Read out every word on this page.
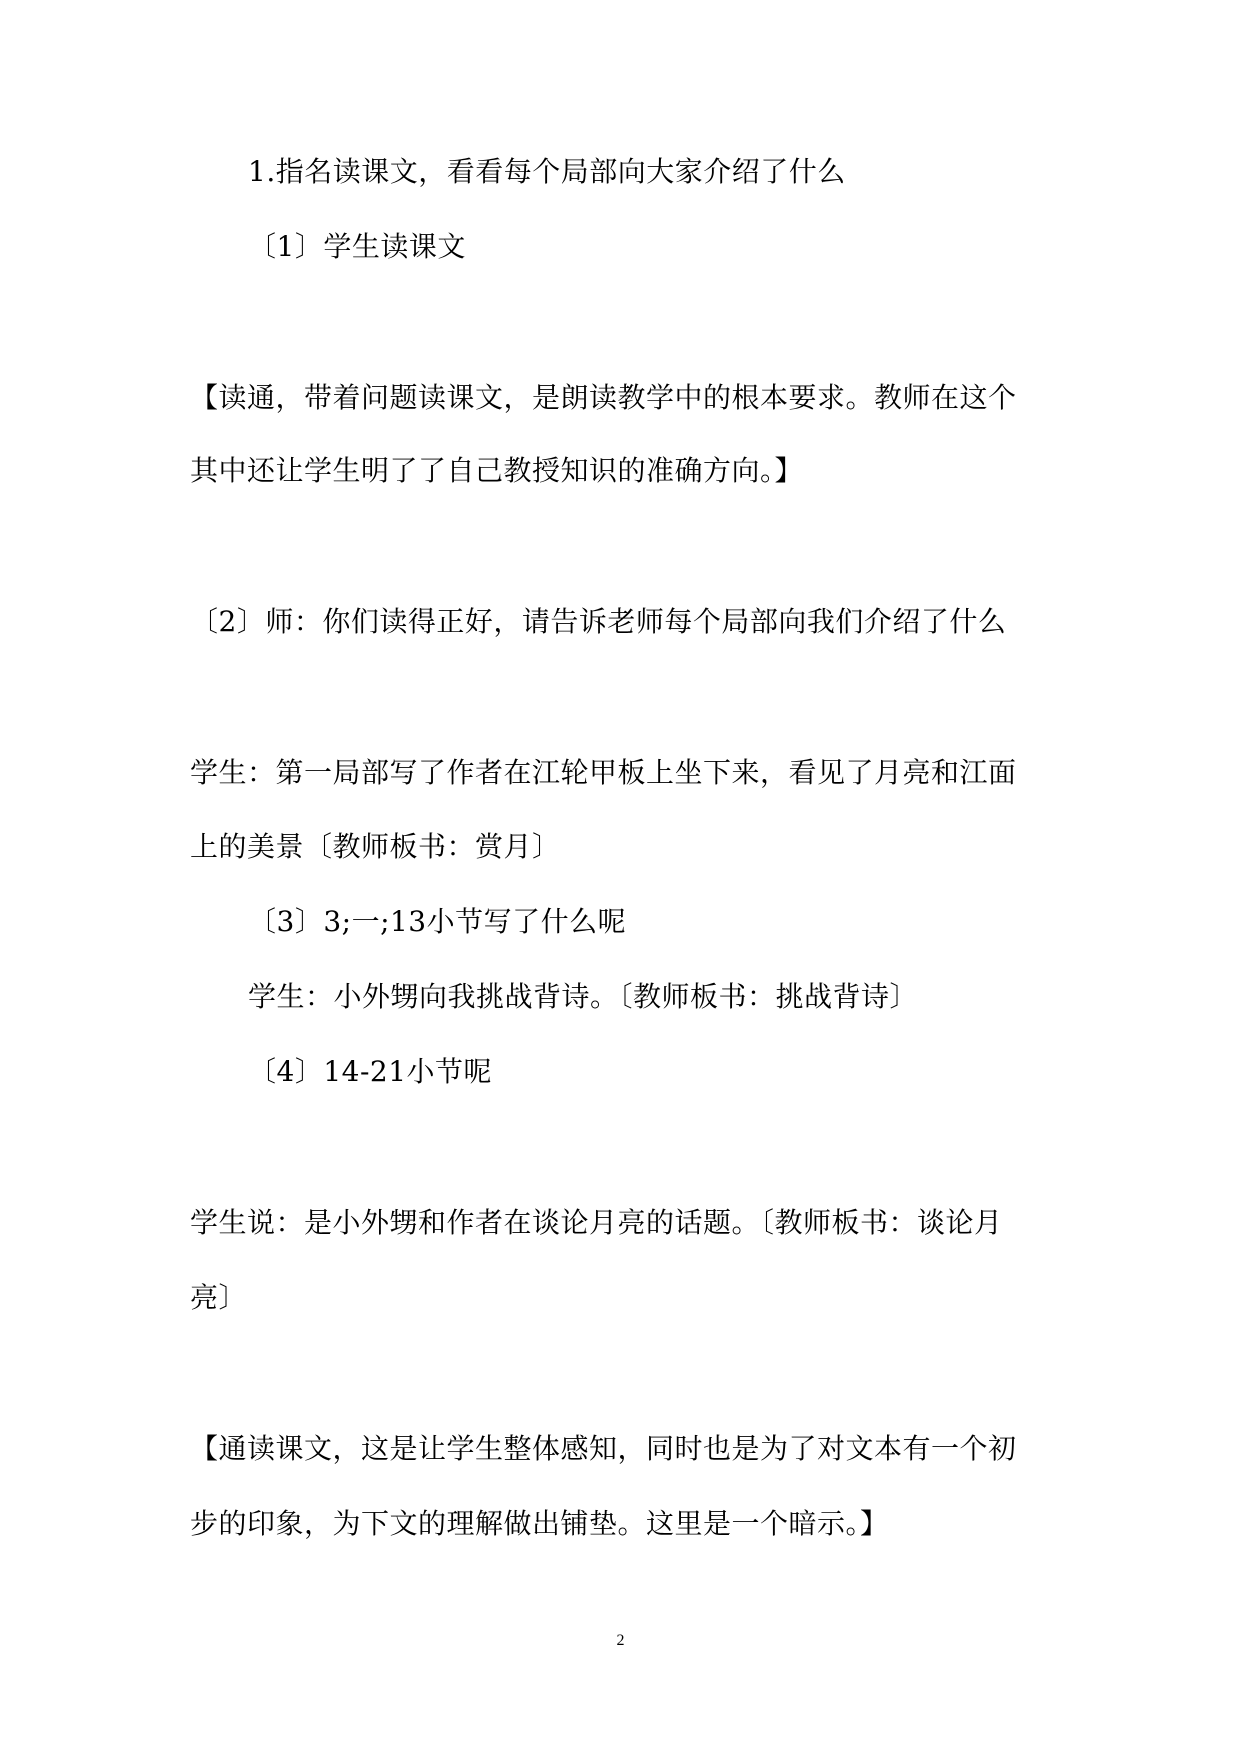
1.指名读课文，看看每个局部向大家介绍了什么
〔1〕学生读课文
【读通，带着问题读课文，是朗读教学中的根本要求。教师在这个
其中还让学生明了了自己教授知识的准确方向。】
〔2〕师：你们读得正好，请告诉老师每个局部向我们介绍了什么
学生：第一局部写了作者在江轮甲板上坐下来，看见了月亮和江面
上的美景〔教师板书：赏月〕
〔3〕3;一;13小节写了什么呢
学生：小外甥向我挑战背诗。〔教师板书：挑战背诗〕
〔4〕14-21小节呢
学生说：是小外甥和作者在谈论月亮的话题。〔教师板书：谈论月
亮〕
【通读课文，这是让学生整体感知，同时也是为了对文本有一个初
步的印象，为下文的理解做出铺垫。这里是一个暗示。】
2
